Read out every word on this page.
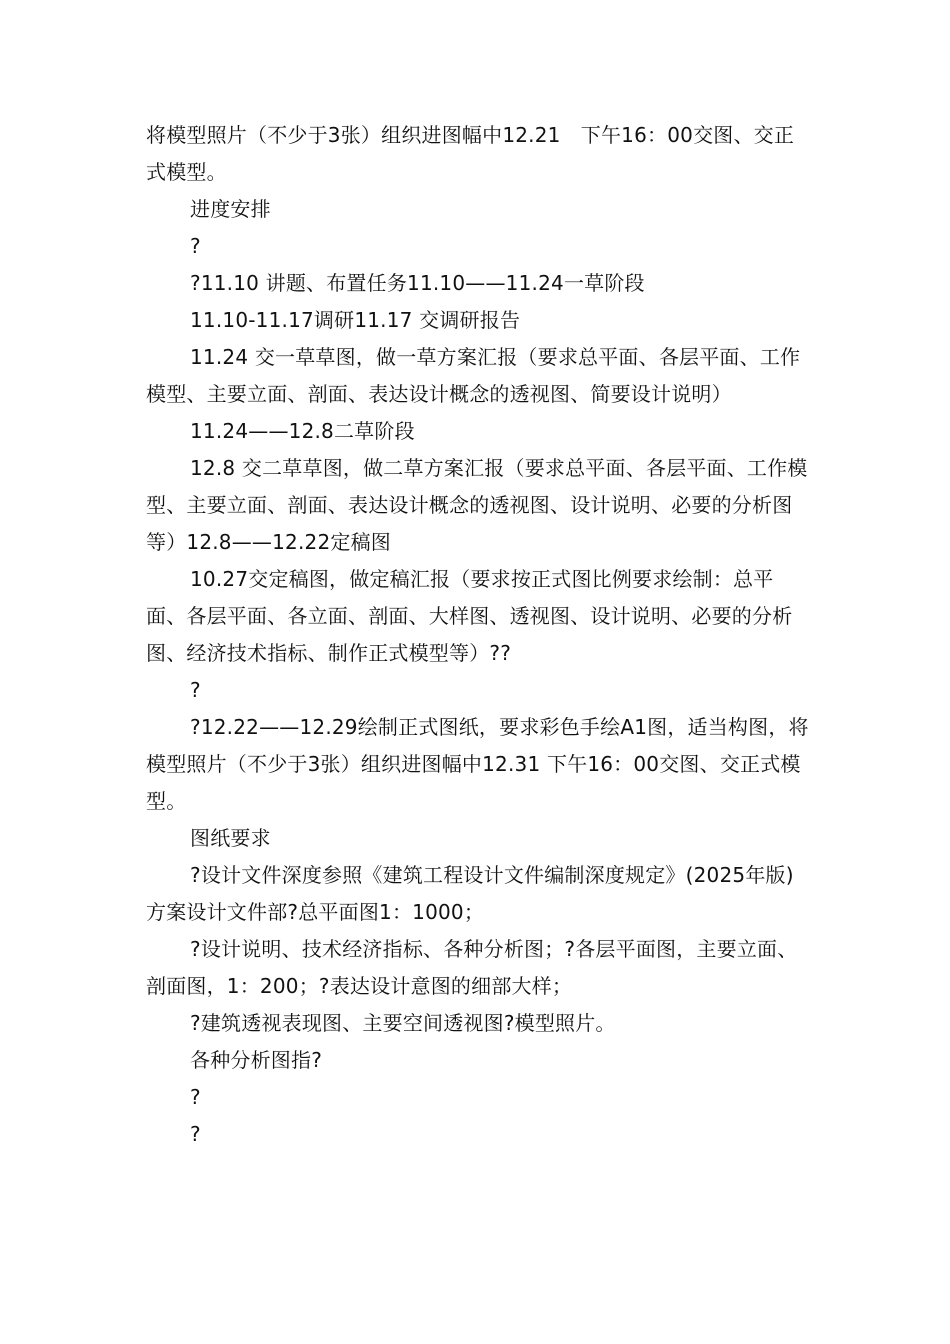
将模型照片（不少于3张）组织进图幅中12.21　下午16：00交图、交正式模型。

进度安排

?

?11.10 讲题、布置任务11.10——11.24一草阶段

11.10-11.17调研11.17 交调研报告

11.24 交一草草图，做一草方案汇报（要求总平面、各层平面、工作模型、主要立面、剖面、表达设计概念的透视图、简要设计说明）

11.24——12.8二草阶段

12.8 交二草草图，做二草方案汇报（要求总平面、各层平面、工作模型、主要立面、剖面、表达设计概念的透视图、设计说明、必要的分析图等）12.8——12.22定稿图

10.27交定稿图，做定稿汇报（要求按正式图比例要求绘制：总平面、各层平面、各立面、剖面、大样图、透视图、设计说明、必要的分析图、经济技术指标、制作正式模型等）??

?

?12.22——12.29绘制正式图纸，要求彩色手绘A1图，适当构图，将模型照片（不少于3张）组织进图幅中12.31 下午16：00交图、交正式模型。

图纸要求

?设计文件深度参照《建筑工程设计文件编制深度规定》(2025年版) 方案设计文件部?总平面图1：1000；

?设计说明、技术经济指标、各种分析图；?各层平面图，主要立面、剖面图，1：200；?表达设计意图的细部大样；

?建筑透视表现图、主要空间透视图?模型照片。

各种分析图指?

?

?
